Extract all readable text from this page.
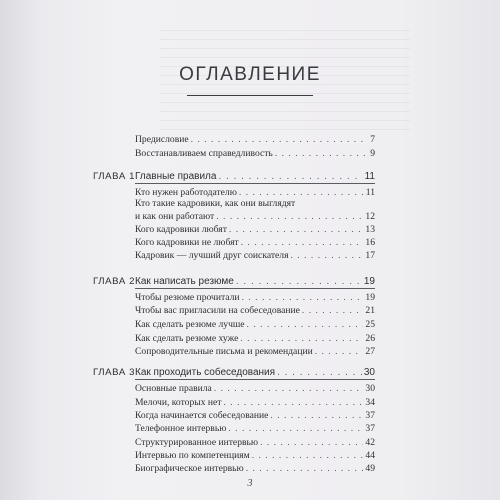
ОГЛАВЛЕНИЕ
Предисловие . . .	7
Восстанавливаем справедливость . . .	9
ГЛАВА 1 Главные правила . . .	11
Кто нужен работодателю . . .	11
Кто такие кадровики, как они выглядят
и как они работают . . .	12
Кого кадровики любят . . .	13
Кого кадровики не любят . . .	16
Кадровик — лучший друг соискателя . . .	17
ГЛАВА 2 Как написать резюме . . .	19
Чтобы резюме прочитали . . .	19
Чтобы вас пригласили на собеседование . . .	21
Как сделать резюме лучше . . .	25
Как сделать резюме хуже . . .	26
Сопроводительные письма и рекомендации . . .	27
ГЛАВА 3 Как проходить собеседования . . .	30
Основные правила . . .	30
Мелочи, которых нет . . .	34
Когда начинается собеседование . . .	37
Телефонное интервью . . .	37
Структурированное интервью . . .	42
Интервью по компетенциям . . .	44
Биографическое интервью . . .	49
3
